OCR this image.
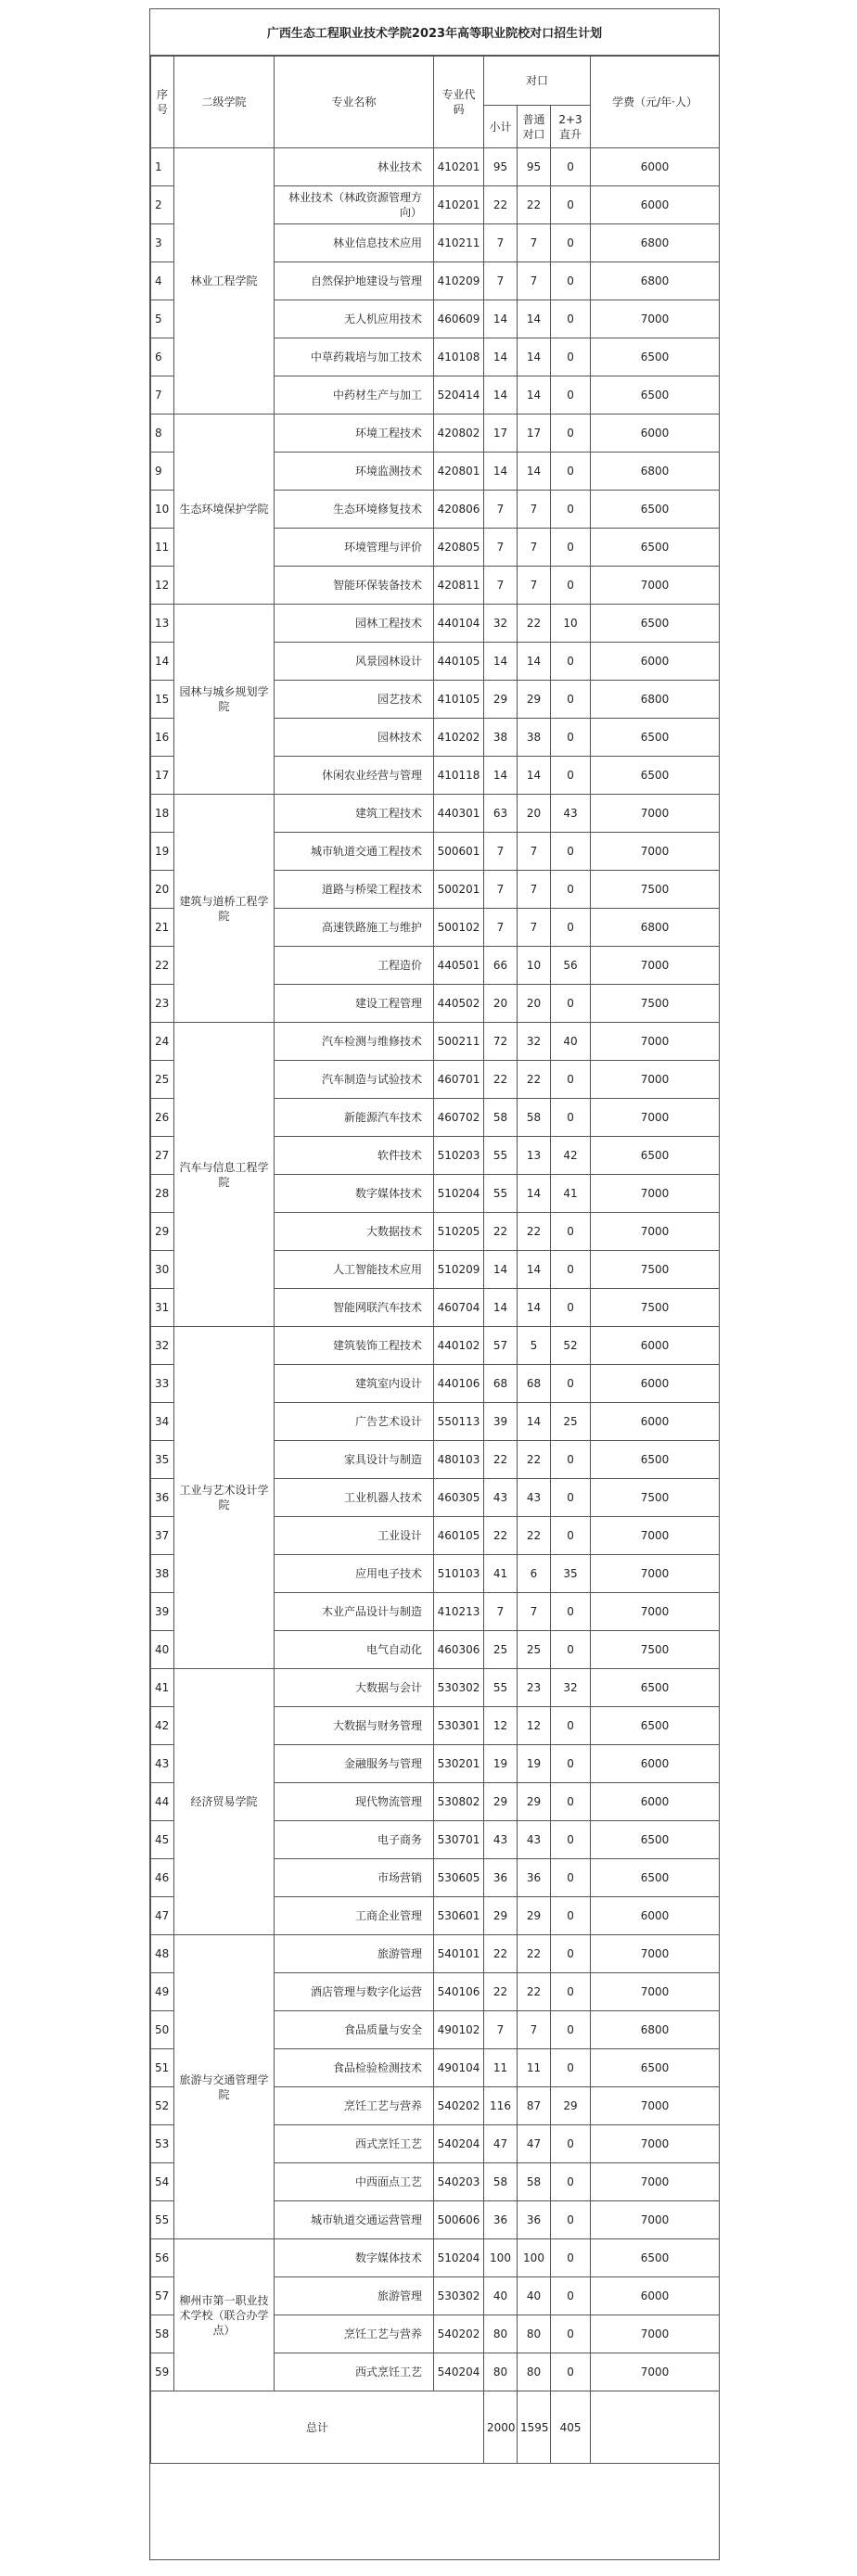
广西生态工程职业技术学院2023年高等职业院校对口招生计划
序号	二级学院	专业名称	专业代码	对口			学费（元/年·人）
				小计	普通对口	2+3直升	
1	林业工程学院	林业技术	410201	95	95	0	6000
2		林业技术（林政资源管理方向）	410201	22	22	0	6000
3		林业信息技术应用	410211	7	7	0	6800
4		自然保护地建设与管理	410209	7	7	0	6800
5		无人机应用技术	460609	14	14	0	7000
6		中草药栽培与加工技术	410108	14	14	0	6500
7		中药材生产与加工	520414	14	14	0	6500
8	生态环境保护学院	环境工程技术	420802	17	17	0	6000
9		环境监测技术	420801	14	14	0	6800
10		生态环境修复技术	420806	7	7	0	6500
11		环境管理与评价	420805	7	7	0	6500
12		智能环保装备技术	420811	7	7	0	7000
13	园林与城乡规划学院	园林工程技术	440104	32	22	10	6500
14		风景园林设计	440105	14	14	0	6000
15		园艺技术	410105	29	29	0	6800
16		园林技术	410202	38	38	0	6500
17		休闲农业经营与管理	410118	14	14	0	6500
18	建筑与道桥工程学院	建筑工程技术	440301	63	20	43	7000
19		城市轨道交通工程技术	500601	7	7	0	7000
20		道路与桥梁工程技术	500201	7	7	0	7500
21		高速铁路施工与维护	500102	7	7	0	6800
22		工程造价	440501	66	10	56	7000
23		建设工程管理	440502	20	20	0	7500
24	汽车与信息工程学院	汽车检测与维修技术	500211	72	32	40	7000
25		汽车制造与试验技术	460701	22	22	0	7000
26		新能源汽车技术	460702	58	58	0	7000
27		软件技术	510203	55	13	42	6500
28		数字媒体技术	510204	55	14	41	7000
29		大数据技术	510205	22	22	0	7000
30		人工智能技术应用	510209	14	14	0	7500
31		智能网联汽车技术	460704	14	14	0	7500
32	工业与艺术设计学院	建筑装饰工程技术	440102	57	5	52	6000
33		建筑室内设计	440106	68	68	0	6000
34		广告艺术设计	550113	39	14	25	6000
35		家具设计与制造	480103	22	22	0	6500
36		工业机器人技术	460305	43	43	0	7500
37		工业设计	460105	22	22	0	7000
38		应用电子技术	510103	41	6	35	7000
39		木业产品设计与制造	410213	7	7	0	7000
40		电气自动化	460306	25	25	0	7500
41	经济贸易学院	大数据与会计	530302	55	23	32	6500
42		大数据与财务管理	530301	12	12	0	6500
43		金融服务与管理	530201	19	19	0	6000
44		现代物流管理	530802	29	29	0	6000
45		电子商务	530701	43	43	0	6500
46		市场营销	530605	36	36	0	6500
47		工商企业管理	530601	29	29	0	6000
48	旅游与交通管理学院	旅游管理	540101	22	22	0	7000
49		酒店管理与数字化运营	540106	22	22	0	7000
50		食品质量与安全	490102	7	7	0	6800
51		食品检验检测技术	490104	11	11	0	6500
52		烹饪工艺与营养	540202	116	87	29	7000
53		西式烹饪工艺	540204	47	47	0	7000
54		中西面点工艺	540203	58	58	0	7000
55		城市轨道交通运营管理	500606	36	36	0	7000
56	柳州市第一职业技术学校（联合办学点）	数字媒体技术	510204	100	100	0	6500
57		旅游管理	530302	40	40	0	6000
58		烹饪工艺与营养	540202	80	80	0	7000
59		西式烹饪工艺	540204	80	80	0	7000
总计				2000	1595	405	
